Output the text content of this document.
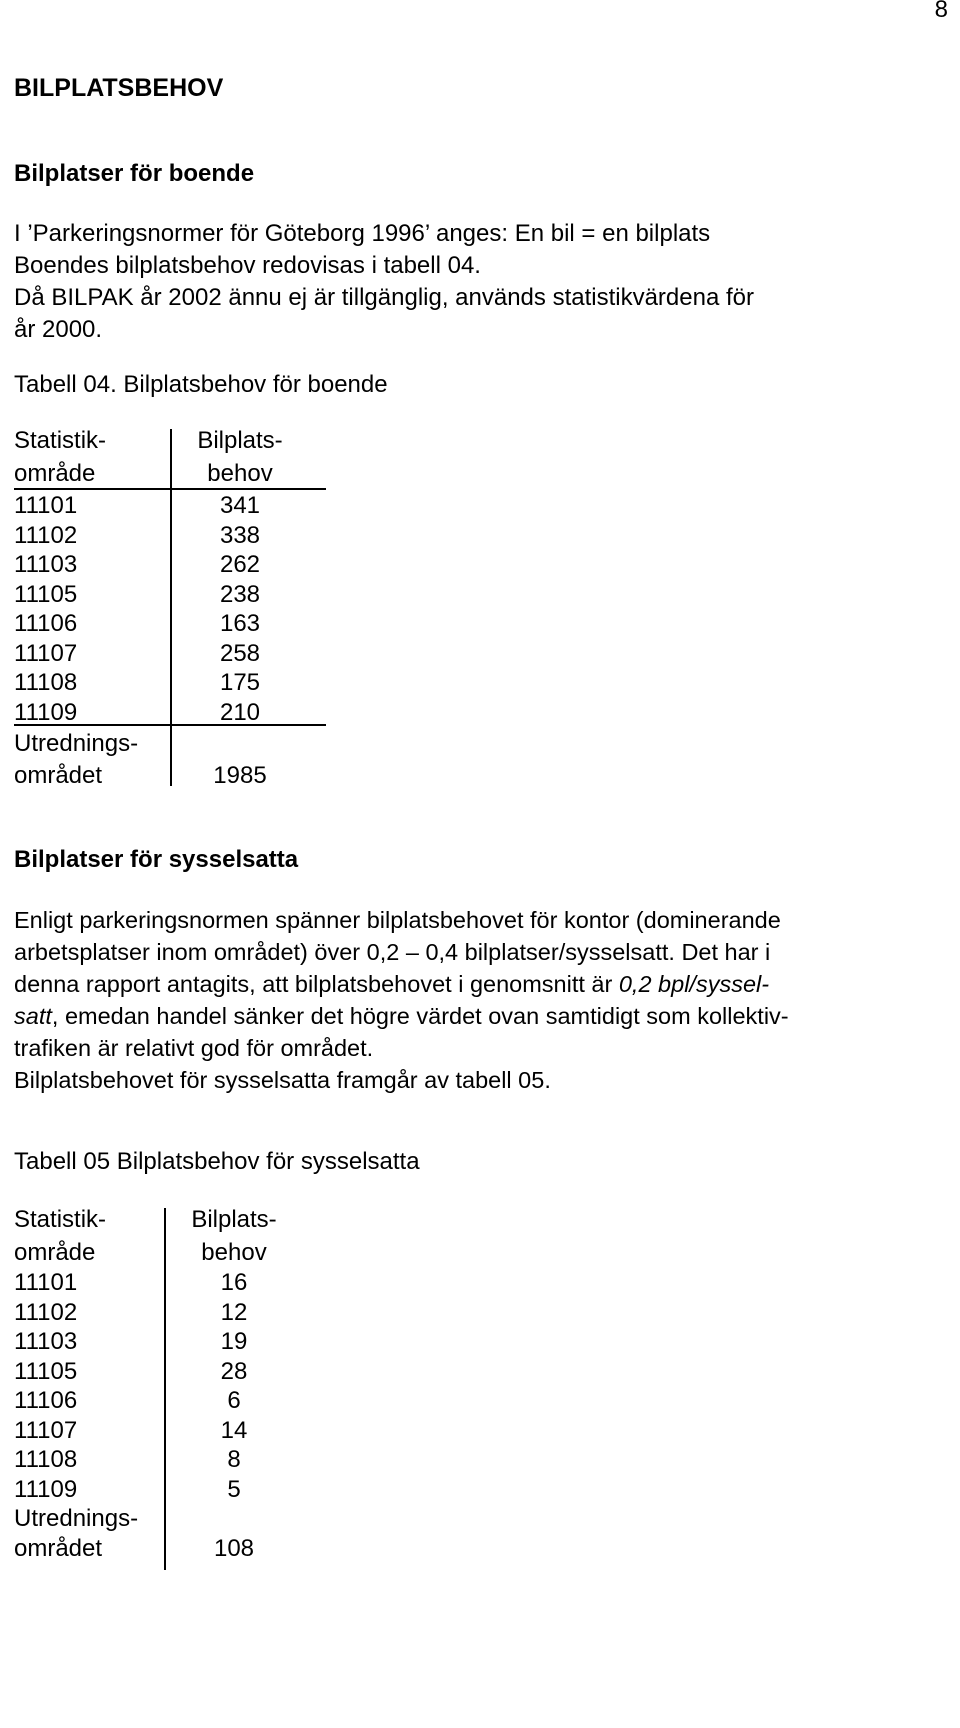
8
BILPLATSBEHOV
Bilplatser för boende
I ’Parkeringsnormer för Göteborg 1996’ anges: En bil = en bilplats
Boendes bilplatsbehov redovisas i tabell 04.
Då BILPAK år 2002 ännu ej är tillgänglig, används statistikvärdena för
år 2000.
Tabell 04. Bilplatsbehov för boende
Statistik-	Bilplats-
område	behov
11101	341
11102	338
11103	262
11105	238
11106	163
11107	258
11108	175
11109	210
Utrednings-
området	1985
Bilplatser för sysselsatta
Enligt parkeringsnormen spänner bilplatsbehovet för kontor (dominerande
arbetsplatser inom området) över 0,2 – 0,4 bilplatser/sysselsatt. Det har i
denna rapport antagits, att bilplatsbehovet i genomsnitt är 0,2 bpl/syssel-
satt, emedan handel sänker det högre värdet ovan samtidigt som kollektiv-
trafiken är relativt god för området.
Bilplatsbehovet för sysselsatta framgår av tabell 05.
Tabell 05 Bilplatsbehov för sysselsatta
Statistik-	Bilplats-
område	behov
11101	16
11102	12
11103	19
11105	28
11106	6
11107	14
11108	8
11109	5
Utrednings-
området	108
